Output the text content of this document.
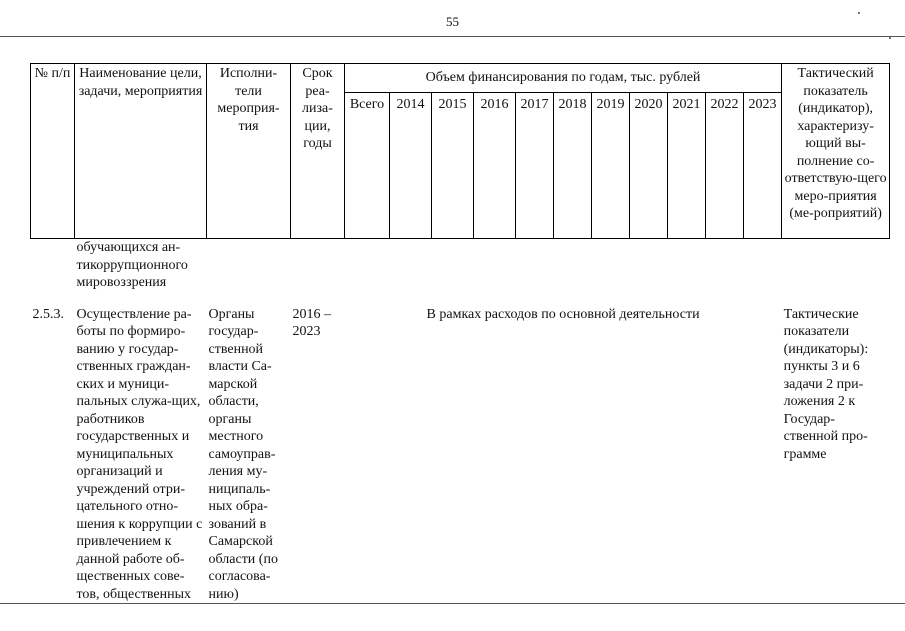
55
№ п/п	Наименование цели, задачи, мероприятия	Исполни-тели мероприя-тия	Срок реа-лиза-ции, годы	Объем финансирования по годам, тыс. рублей											Тактический показатель (индикатор), характеризу-ющий вы-полнение со-ответствую-щего меро-приятия (ме-роприятий)
				Всего	2014	2015	2016	2017	2018	2019	2020	2021	2022	2023	
	обучающихся ан-тикоррупционного мировоззрения														
2.5.3.	Осуществление ра-боты по формиро-ванию у государ-ственных граждан-ских и муници-пальных служа-щих, работников государственных и муниципальных организаций и учреждений отри-цательного отно-шения к коррупции с привлечением к данной работе об-щественных сове-тов, общественных	Органы государ-ственной власти Са-марской области, органы местного самоуправ-ления му-ниципаль-ных обра-зований в Самарской области (по согласова-нию)	2016 – 2023	В рамках расходов по основной деятельности											Тактические показатели (индикаторы): пункты 3 и 6 задачи 2 при-ложения 2 к Государ-ственной про-грамме
